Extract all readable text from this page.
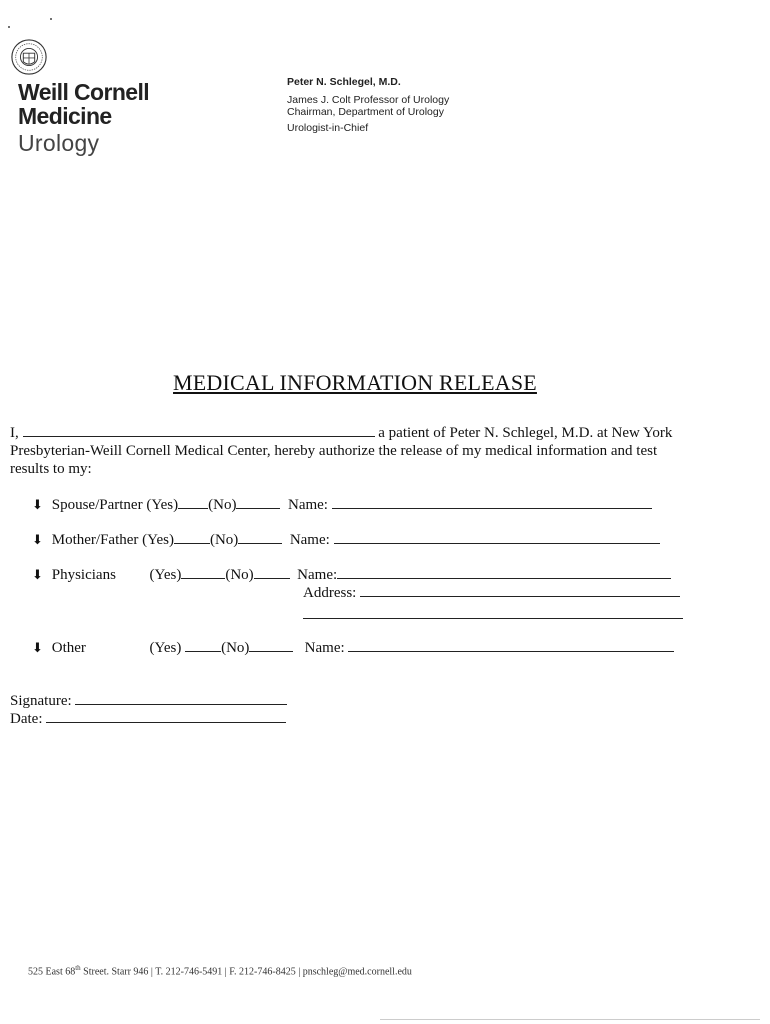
Weill Cornell
Medicine
Urology
Peter N. Schlegel, M.D.
James J. Colt Professor of Urology
Chairman, Department of Urology
Urologist-in-Chief
MEDICAL INFORMATION RELEASE
I,	a patient of Peter N. Schlegel, M.D. at New York
Presbyterian-Weill Cornell Medical Center, hereby authorize the release of my medical information and test
results to my:
⬇ Spouse/Partner (Yes) (No)	Name:
⬇ Mother/Father (Yes) (No)	Name:
⬇ Physicians (Yes)	(No)	Name:
Address:
⬇ Other	(Yes)	(No)	Name:
Signature:
Date:
525 East 68th Street. Starr 946 | T. 212-746-5491 | F. 212-746-8425 | pnschleg@med.cornell.edu
